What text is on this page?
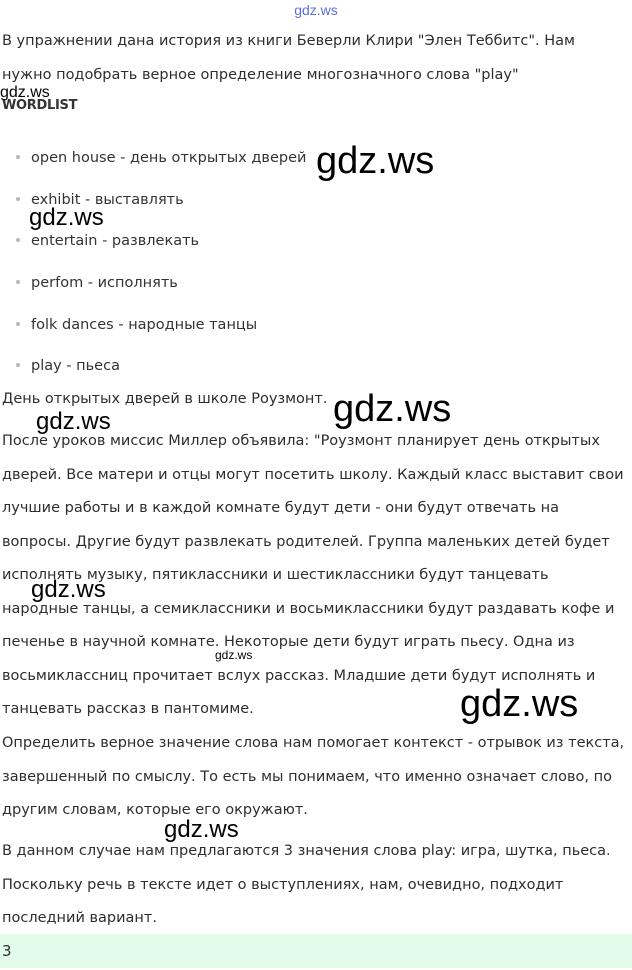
gdz.ws

В упражнении дана история из книги Беверли Клири "Элен Теббитс". Нам нужно подобрать верное определение многозначного слова "play"

WORDLIST
open house - день открытых дверей
exhibit - выставлять
entertain - развлекать
perfom - исполнять
folk dances - народные танцы
play - пьеса

День открытых дверей в школе Роузмонт.

После уроков миссис Миллер объявила: "Роузмонт планирует день открытых дверей. Все матери и отцы могут посетить школу. Каждый класс выставит свои лучшие работы и в каждой комнате будут дети - они будут отвечать на вопросы. Другие будут развлекать родителей. Группа маленьких детей будет исполнять музыку, пятиклассники и шестиклассники будут танцевать народные танцы, а семиклассники и восьмиклассники будут раздавать кофе и печенье в научной комнате. Некоторые дети будут играть пьесу. Одна из восьмиклассниц прочитает вслух рассказ. Младшие дети будут исполнять и танцевать рассказ в пантомиме.

Определить верное значение слова нам помогает контекст - отрывок из текста, завершенный по смыслу. То есть мы понимаем, что именно означает слово, по другим словам, которые его окружают.

В данном случае нам предлагаются 3 значения слова play: игра, шутка, пьеса. Поскольку речь в тексте идет о выступлениях, нам, очевидно, подходит последний вариант.

3
gdz.ws
gdz.ws
gdz.ws
gdz.ws
gdz.ws
gdz.ws
gdz.ws
gdz.ws
gdz.ws
